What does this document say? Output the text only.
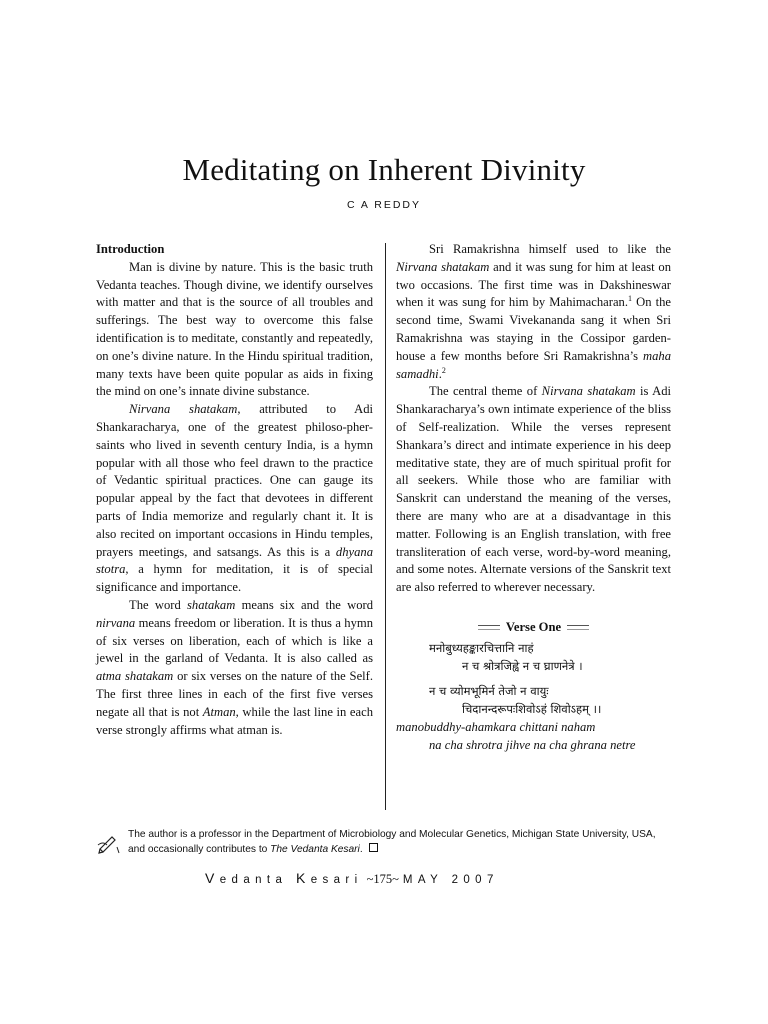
Meditating on Inherent Divinity
C A REDDY
Introduction

Man is divine by nature. This is the basic truth Vedanta teaches. Though divine, we identify ourselves with matter and that is the source of all troubles and sufferings. The best way to overcome this false identification is to meditate, constantly and repeatedly, on one’s divine nature. In the Hindu spiritual tradition, many texts have been quite popular as aids in fixing the mind on one’s innate divine substance.

Nirvana shatakam, attributed to Adi Shankaracharya, one of the greatest philoso-pher-saints who lived in seventh century India, is a hymn popular with all those who feel drawn to the practice of Vedantic spiritual practices. One can gauge its popular appeal by the fact that devotees in different parts of India memorize and regularly chant it. It is also recited on important occasions in Hindu temples, prayers meetings, and satsangs. As this is a dhyana stotra, a hymn for meditation, it is of special significance and importance.

The word shatakam means six and the word nirvana means freedom or liberation. It is thus a hymn of six verses on liberation, each of which is like a jewel in the garland of Vedanta. It is also called as atma shatakam or six verses on the nature of the Self. The first three lines in each of the first five verses negate all that is not Atman, while the last line in each verse strongly affirms what atman is.

Sri Ramakrishna himself used to like the Nirvana shatakam and it was sung for him at least on two occasions. The first time was in Dakshineswar when it was sung for him by Mahimacharan.$^1$ On the second time, Swami Vivekananda sang it when Sri Ramakrishna was staying in the Cossipor garden-house a few months before Sri Ramakrishna’s maha samadhi.$^2$

The central theme of Nirvana shatakam is Adi Shankaracharya’s own intimate experience of the bliss of Self-realization. While the verses represent Shankara’s direct and intimate experience in his deep meditative state, they are of much spiritual profit for all seekers. While those who are familiar with Sanskrit can understand the meaning of the verses, there are many who are at a disadvantage in this matter. Following is an English translation, with free transliteration of each verse, word-by-word meaning, and some notes. Alternate versions of the Sanskrit text are also referred to wherever necessary.

Verse One

मनोबुध्यहङ्कारचित्तानि नाहं

न च श्रोत्रजिह्वे न च घ्राणनेत्रे ।

न च व्योमभूमिर्न तेजो न वायुः

चिदानन्दरूपःशिवोऽहं शिवोऽहम् ।।

manobuddhy-ahamkara chittani naham

na cha shrotra jihve na cha ghrana netre

The author is a professor in the Department of Microbiology and Molecular Genetics, Michigan State University, USA, and occasionally contributes to The Vedanta Kesari.
Vedanta Kesari ~175~ MAY 2007
